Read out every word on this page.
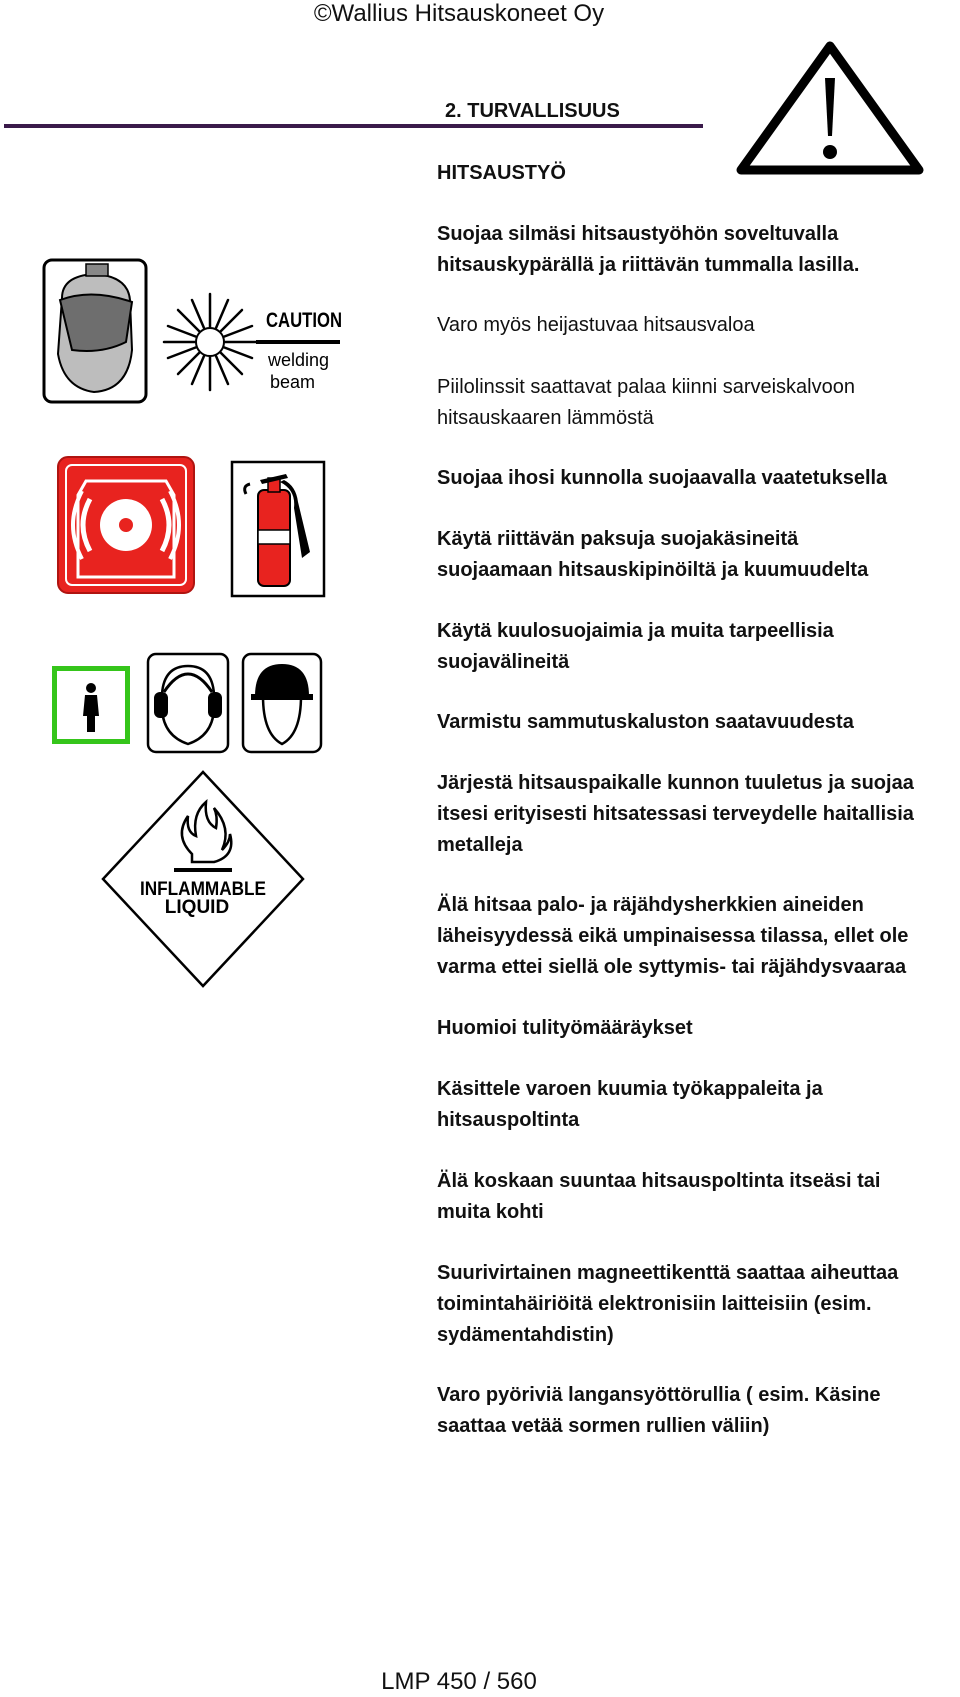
©Wallius Hitsauskoneet Oy
2. TURVALLISUUS
HITSAUSTYÖ
CAUTION
welding
beam
INFLAMMABLE
LIQUID
Suojaa silmäsi hitsaustyöhön soveltuvalla
hitsauskypärällä ja riittävän tummalla lasilla.
Varo myös heijastuvaa hitsausvaloa
Piilolinssit saattavat palaa kiinni sarveiskalvoon
hitsauskaaren lämmöstä
Suojaa ihosi kunnolla suojaavalla vaatetuksella
Käytä riittävän paksuja suojakäsineitä
suojaamaan hitsauskipinöiltä ja kuumuudelta
Käytä kuulosuojaimia ja muita tarpeellisia
suojavälineitä
Varmistu sammutuskaluston saatavuudesta
Järjestä hitsauspaikalle kunnon tuuletus ja suojaa
itsesi erityisesti hitsatessasi terveydelle haitallisia
metalleja
Älä hitsaa palo- ja räjähdysherkkien aineiden
läheisyydessä eikä umpinaisessa tilassa, ellet ole
varma ettei siellä ole syttymis- tai räjähdysvaaraa
Huomioi tulityömääräykset
Käsittele varoen kuumia työkappaleita ja
hitsauspoltinta
Älä koskaan suuntaa hitsauspoltinta itseäsi tai
muita kohti
Suurivirtainen magneettikenttä saattaa aiheuttaa
toimintahäiriöitä elektronisiin laitteisiin (esim.
sydämentahdistin)
Varo pyöriviä langansyöttörullia ( esim. Käsine
saattaa vetää sormen rullien väliin)
LMP 450 / 560
